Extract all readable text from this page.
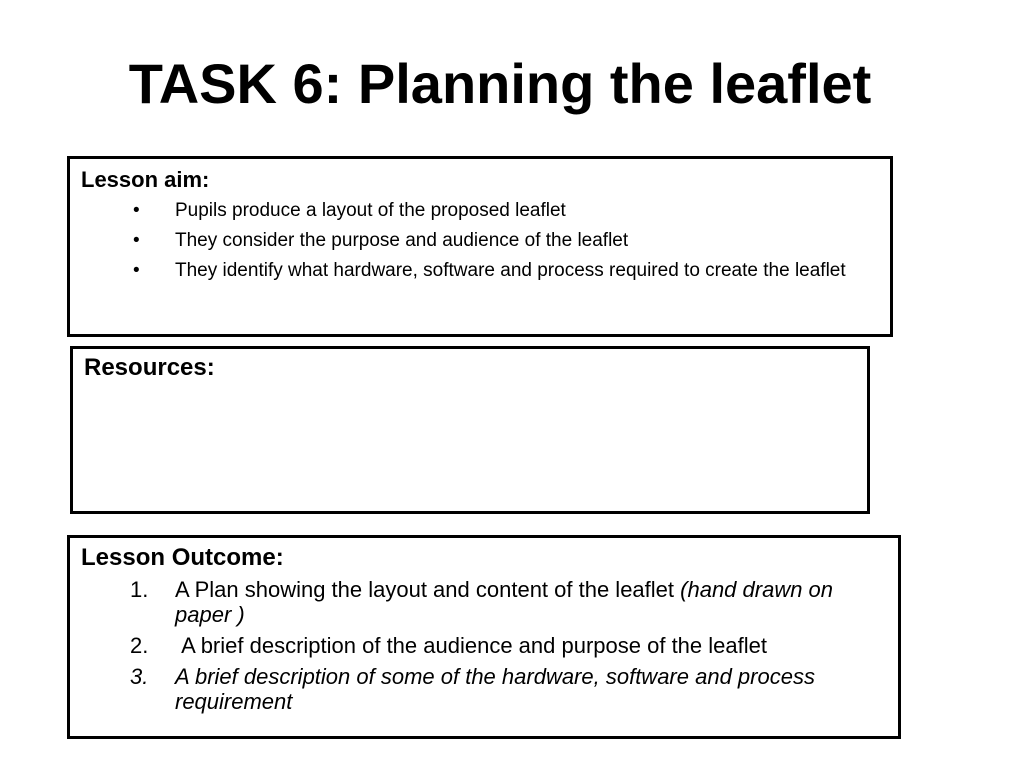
TASK 6: Planning the leaflet

Lesson aim:

• Pupils produce a layout of the proposed leaflet
• They consider the purpose and audience of the leaflet
• They identify what hardware, software and process required to create the leaflet

Resources:

Lesson Outcome:

1. A Plan showing the layout and content of the leaflet (hand drawn on paper )
2. A brief description of the audience and purpose of the leaflet
3. A brief description of some of the hardware, software and process requirement
